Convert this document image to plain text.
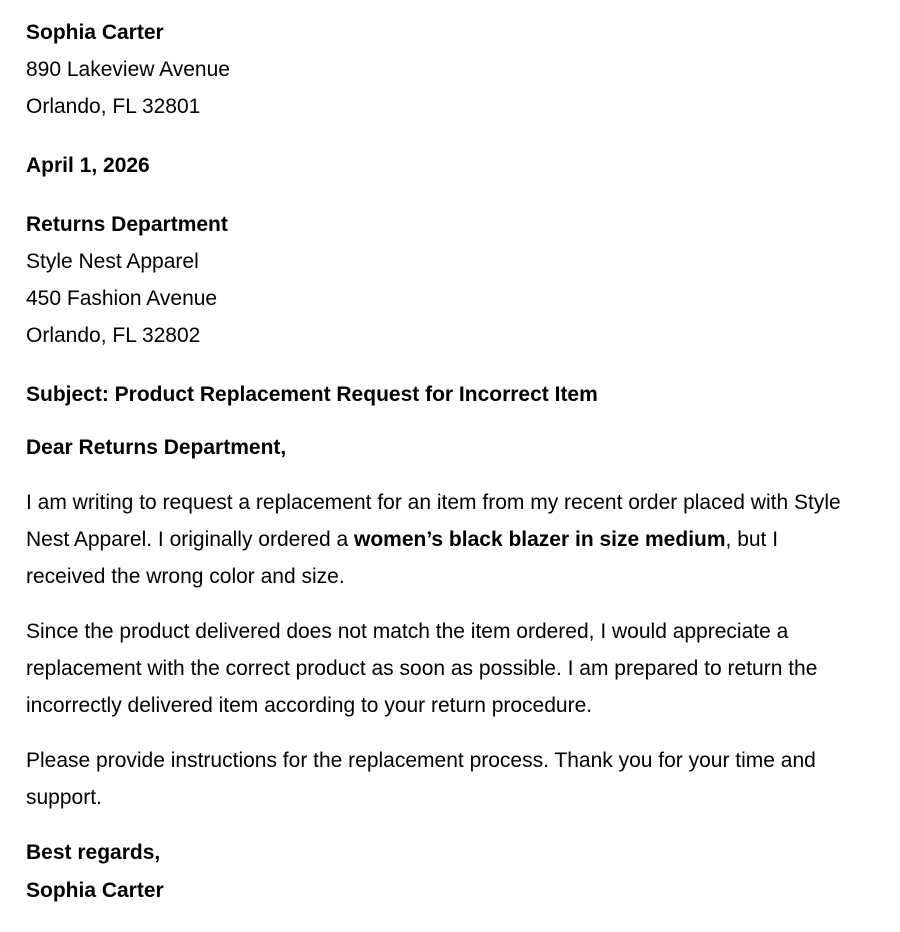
Sophia Carter
890 Lakeview Avenue
Orlando, FL 32801

April 1, 2026

Returns Department
Style Nest Apparel
450 Fashion Avenue
Orlando, FL 32802

Subject: Product Replacement Request for Incorrect Item

Dear Returns Department,

I am writing to request a replacement for an item from my recent order placed with Style Nest Apparel. I originally ordered a women’s black blazer in size medium, but I received the wrong color and size.

Since the product delivered does not match the item ordered, I would appreciate a replacement with the correct product as soon as possible. I am prepared to return the incorrectly delivered item according to your return procedure.

Please provide instructions for the replacement process. Thank you for your time and support.

Best regards,
Sophia Carter
